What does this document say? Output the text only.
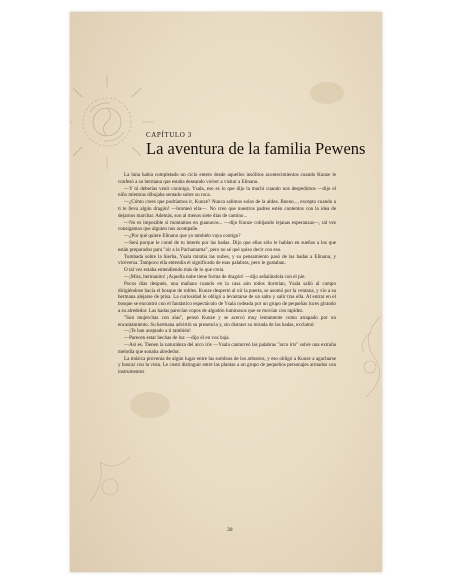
CAPÍTULO 3
La aventura de la familia Pewens

La luna había completado un ciclo entero desde aquellos insólitos acontecimientos cuando Kunze le confesó a su hermana que estaba deseando volver a visitar a Elinanu.

—Y tú deberías venir conmigo, Ysala, eso es lo que dijo la machi cuando nos despedimos —dijo el niño mientras dibujaba sentado sobre su roca.

—¿Cómo crees que podríamos ir, Kunze? Nunca salimos solos de la aldea. Bueno..., excepto cuando a ti te lleva algún dragón! —bromeó ella—. No creo que nuestros padres estén contentos con la idea de dejarnos marchar. Además, son al menos siete días de camino...

—No es imposible si montamos en guanacos... —dijo Kunze cobijando lejanas esperanzas—, tal vez consigamos que alguien nos acompañe.

—¿Por qué quiere Elinanu que yo también vaya contigo?

—Será porque le conté de tu interés por las hadas. Dijo que ellas sólo le hablan en sueños a los que están preparados para "oír a la Pachamama", pero no sé qué quiso decir con eso.

Tumbada sobre la hierba, Ysala miraba las nubes, y su pensamiento pasó de las hadas a Elinanu, y viceversa. Tampoco ella entendía el significado de esas palabras, pero le gustaban.

O tal vez estaba entendiendo más de lo que creía.

—¡Mira, hermanito! ¡Aquella nube tiene forma de dragón! —dijo señalándola con el pie.

Pocos días después, una mañana cuando en la casa aún todos dormían, Ysala salió al campo dirigiéndose hacia el bosque de robles. Kunze despertó al oír la puerta, se asomó por la ventana, y vio a su hermana alejarse de prisa. La curiosidad le obligó a levantarse de un salto y salir tras ella. Al entrar en el bosque se encontró con el fantástico espectáculo de Ysala rodeada por un grupo de pequeñas luces girando a su alrededor. Las hadas parecían copos de algodón luminosos que se movían con rapidez.

"Son mujercitas con alas", pensó Kunze y se acercó muy lentamente como atrapado por un encantamiento. Su hermana advirtió su presencia y, sin distraer su mirada de las hadas, exclamó:

—¡Te han aceptado a ti también!

—Parecen estar hechas de luz —dijo él en voz baja.

—Así es. Tienen la naturaleza del arco iris —Ysala canturreó las palabras "arco iris" sobre una extraña melodía que sonaba alrededor.

La música provenía de algún lugar entre las sombras de los arbustos, y eso obligó a Kunze a agacharse y buscar con la vista. Le costó distinguir entre las plantas a un grupo de pequeños personajes armados con instrumentos

30
